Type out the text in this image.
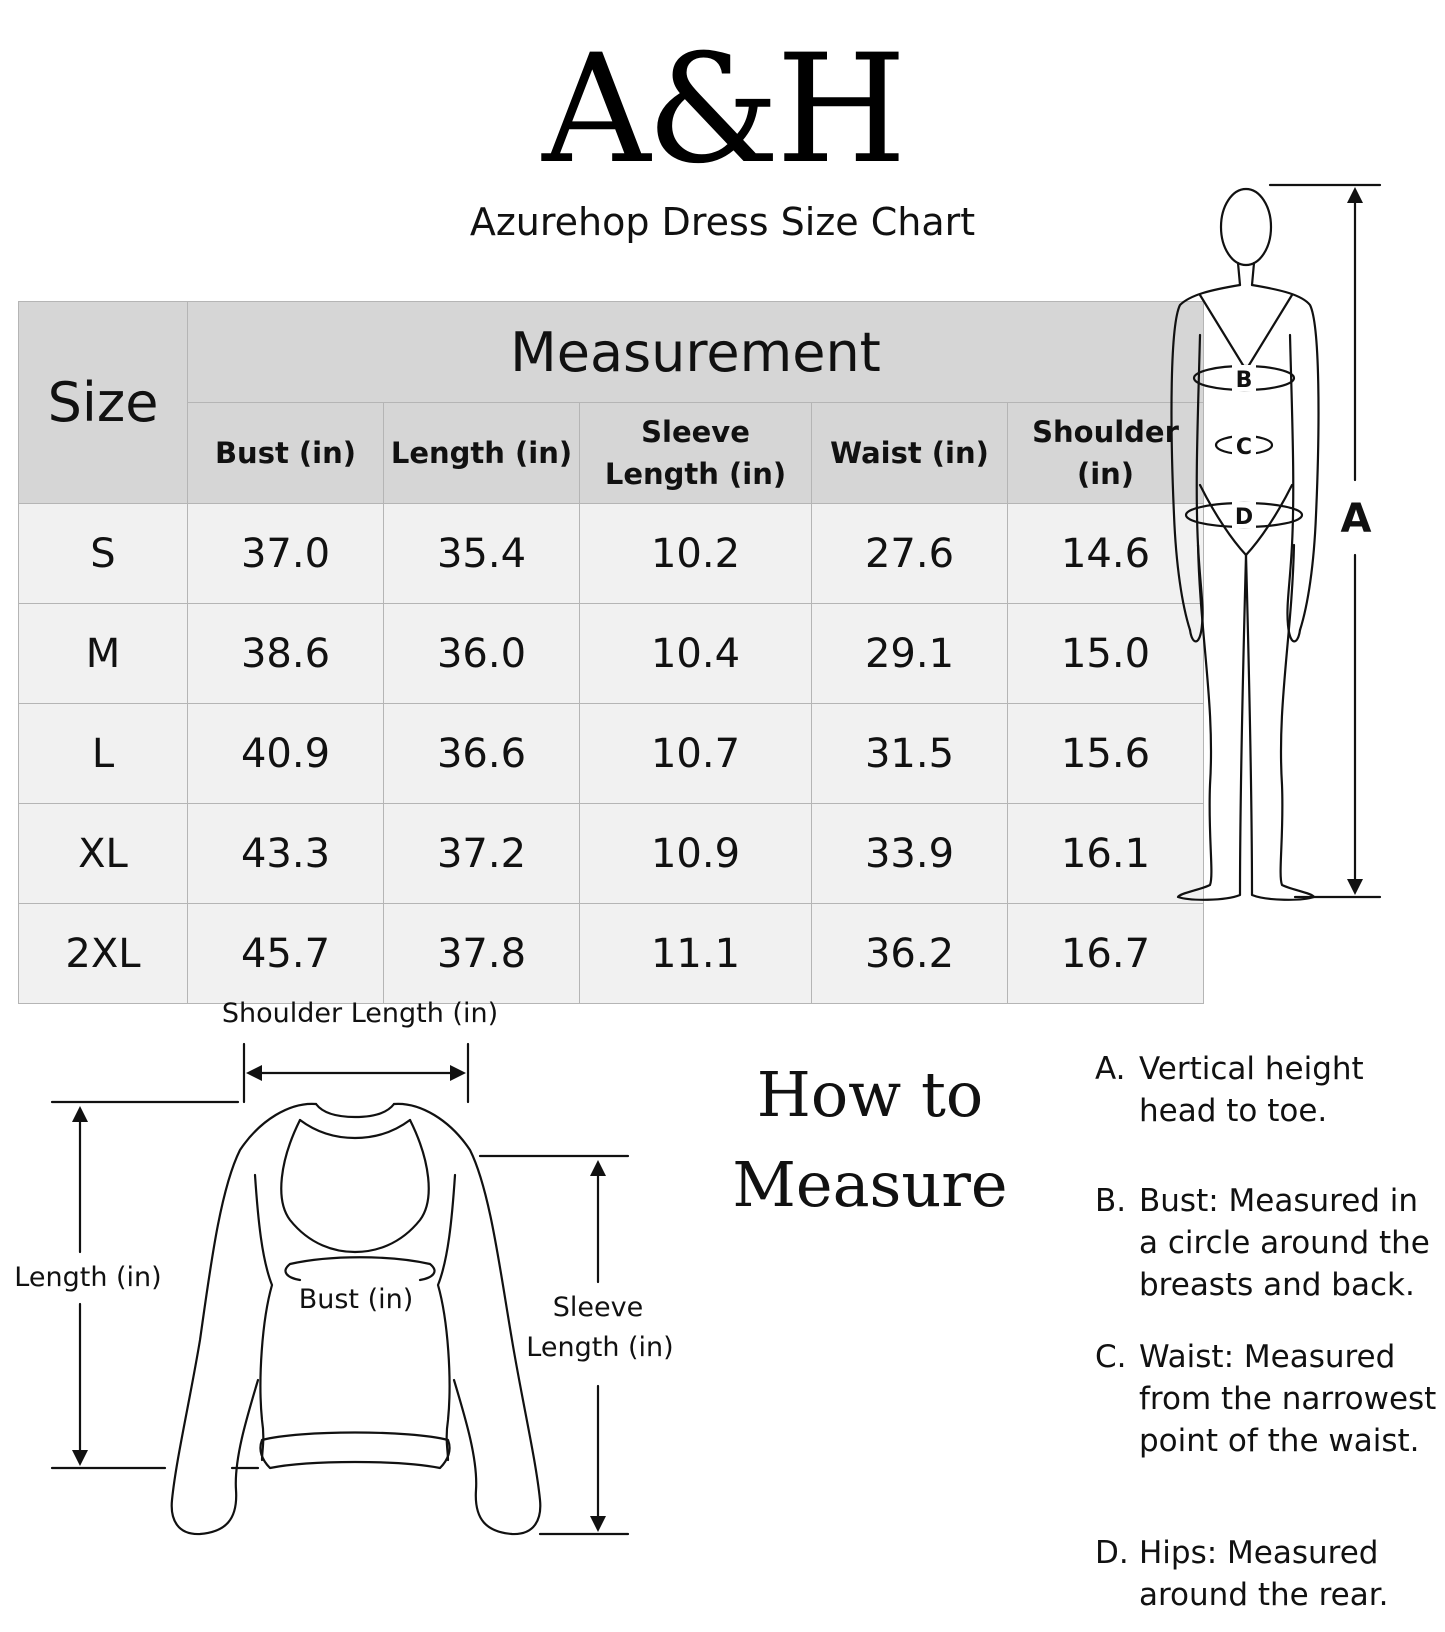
A&H
Azurehop Dress Size Chart
Size	Measurement				
	Bust (in)	Length (in)	Sleeve Length (in)	Waist (in)	Shoulder (in)
S	37.0	35.4	10.2	27.6	14.6
M	38.6	36.0	10.4	29.1	15.0
L	40.9	36.6	10.7	31.5	15.6
XL	43.3	37.2	10.9	33.9	16.1
2XL	45.7	37.8	11.1	36.2	16.7
B
C
D A
Shoulder Length (in)
Length (in)
Bust (in)	Sleeve
Length (in)
How to
Measure
A. Vertical height head to toe.
B. Bust: Measured in a circle around the breasts and back.
C. Waist: Measured from the narrowest point of the waist.
D. Hips: Measured around the rear.
